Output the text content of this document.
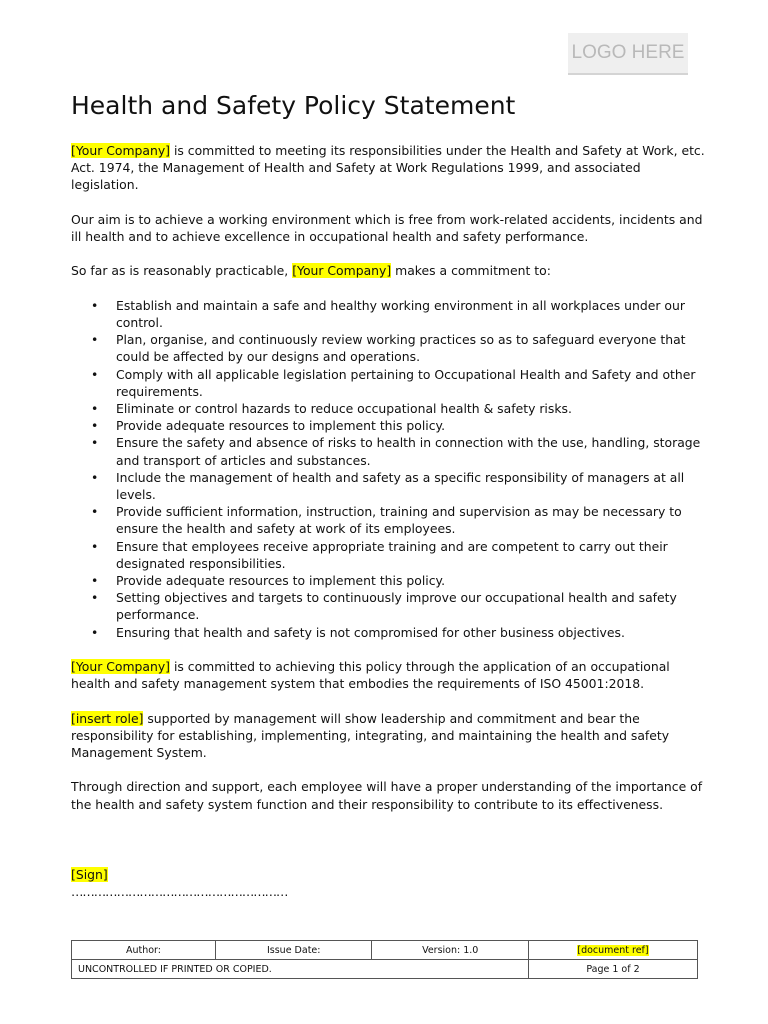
LOGO HERE
Health and Safety Policy Statement

[Your Company] is committed to meeting its responsibilities under the Health and Safety at Work, etc. Act. 1974, the Management of Health and Safety at Work Regulations 1999, and associated legislation.

Our aim is to achieve a working environment which is free from work-related accidents, incidents and ill health and to achieve excellence in occupational health and safety performance.

So far as is reasonably practicable, [Your Company] makes a commitment to:

• Establish and maintain a safe and healthy working environment in all workplaces under our control.
• Plan, organise, and continuously review working practices so as to safeguard everyone that could be affected by our designs and operations.
• Comply with all applicable legislation pertaining to Occupational Health and Safety and other requirements.
• Eliminate or control hazards to reduce occupational health & safety risks.
• Provide adequate resources to implement this policy.
• Ensure the safety and absence of risks to health in connection with the use, handling, storage and transport of articles and substances.
• Include the management of health and safety as a specific responsibility of managers at all levels.
• Provide sufficient information, instruction, training and supervision as may be necessary to ensure the health and safety at work of its employees.
• Ensure that employees receive appropriate training and are competent to carry out their designated responsibilities.
• Provide adequate resources to implement this policy.
• Setting objectives and targets to continuously improve our occupational health and safety performance.
• Ensuring that health and safety is not compromised for other business objectives.

[Your Company] is committed to achieving this policy through the application of an occupational health and safety management system that embodies the requirements of ISO 45001:2018.

[insert role] supported by management will show leadership and commitment and bear the responsibility for establishing, implementing, integrating, and maintaining the health and safety Management System.

Through direction and support, each employee will have a proper understanding of the importance of the health and safety system function and their responsibility to contribute to its effectiveness.

[Sign]
…………………………………………………
Author:	Issue Date:	Version: 1.0	[document ref]
UNCONTROLLED IF PRINTED OR COPIED.			Page 1 of 2
